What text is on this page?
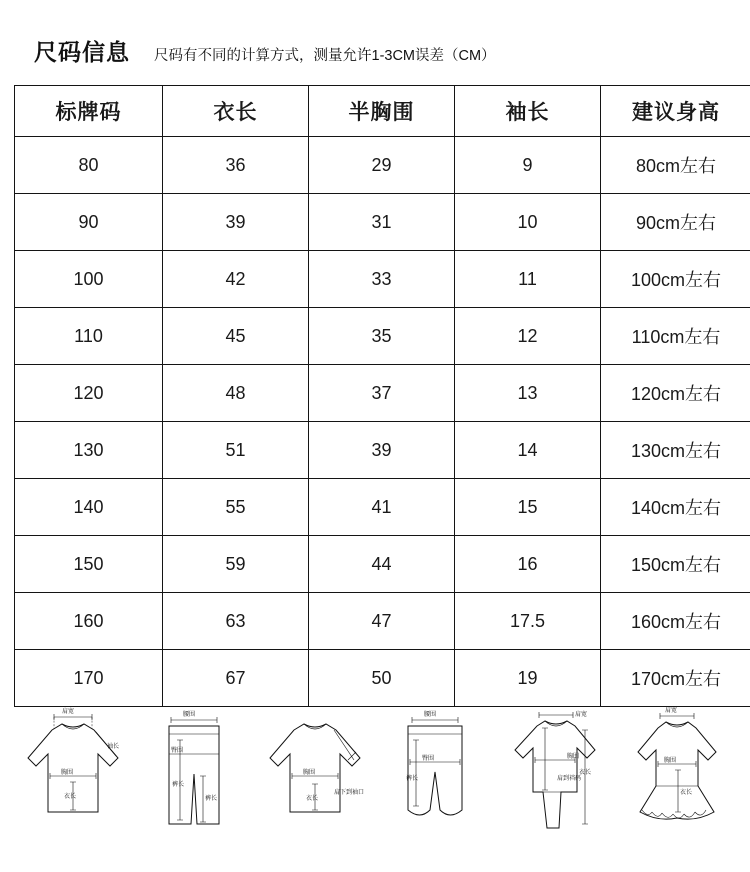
尺码信息 尺码有不同的计算方式，测量允许1-3CM误差（CM）
标牌码	衣长	半胸围	袖长	建议身高
80	36	29	9	80cm左右
90	39	31	10	90cm左右
100	42	33	11	100cm左右
110	45	35	12	110cm左右
120	48	37	13	120cm左右
130	51	39	14	130cm左右
140	55	41	15	140cm左右
150	59	44	16	150cm左右
160	63	47	17.5	160cm左右
170	67	50	19	170cm左右
肩宽
袖长
胸围
衣长
腰围
臀围
裤长
裤长
胸围
衣长
肩下到袖口
腰围
臀围
裤长
肩宽
胸围
肩到裆码
衣长
肩宽
胸围
衣长
